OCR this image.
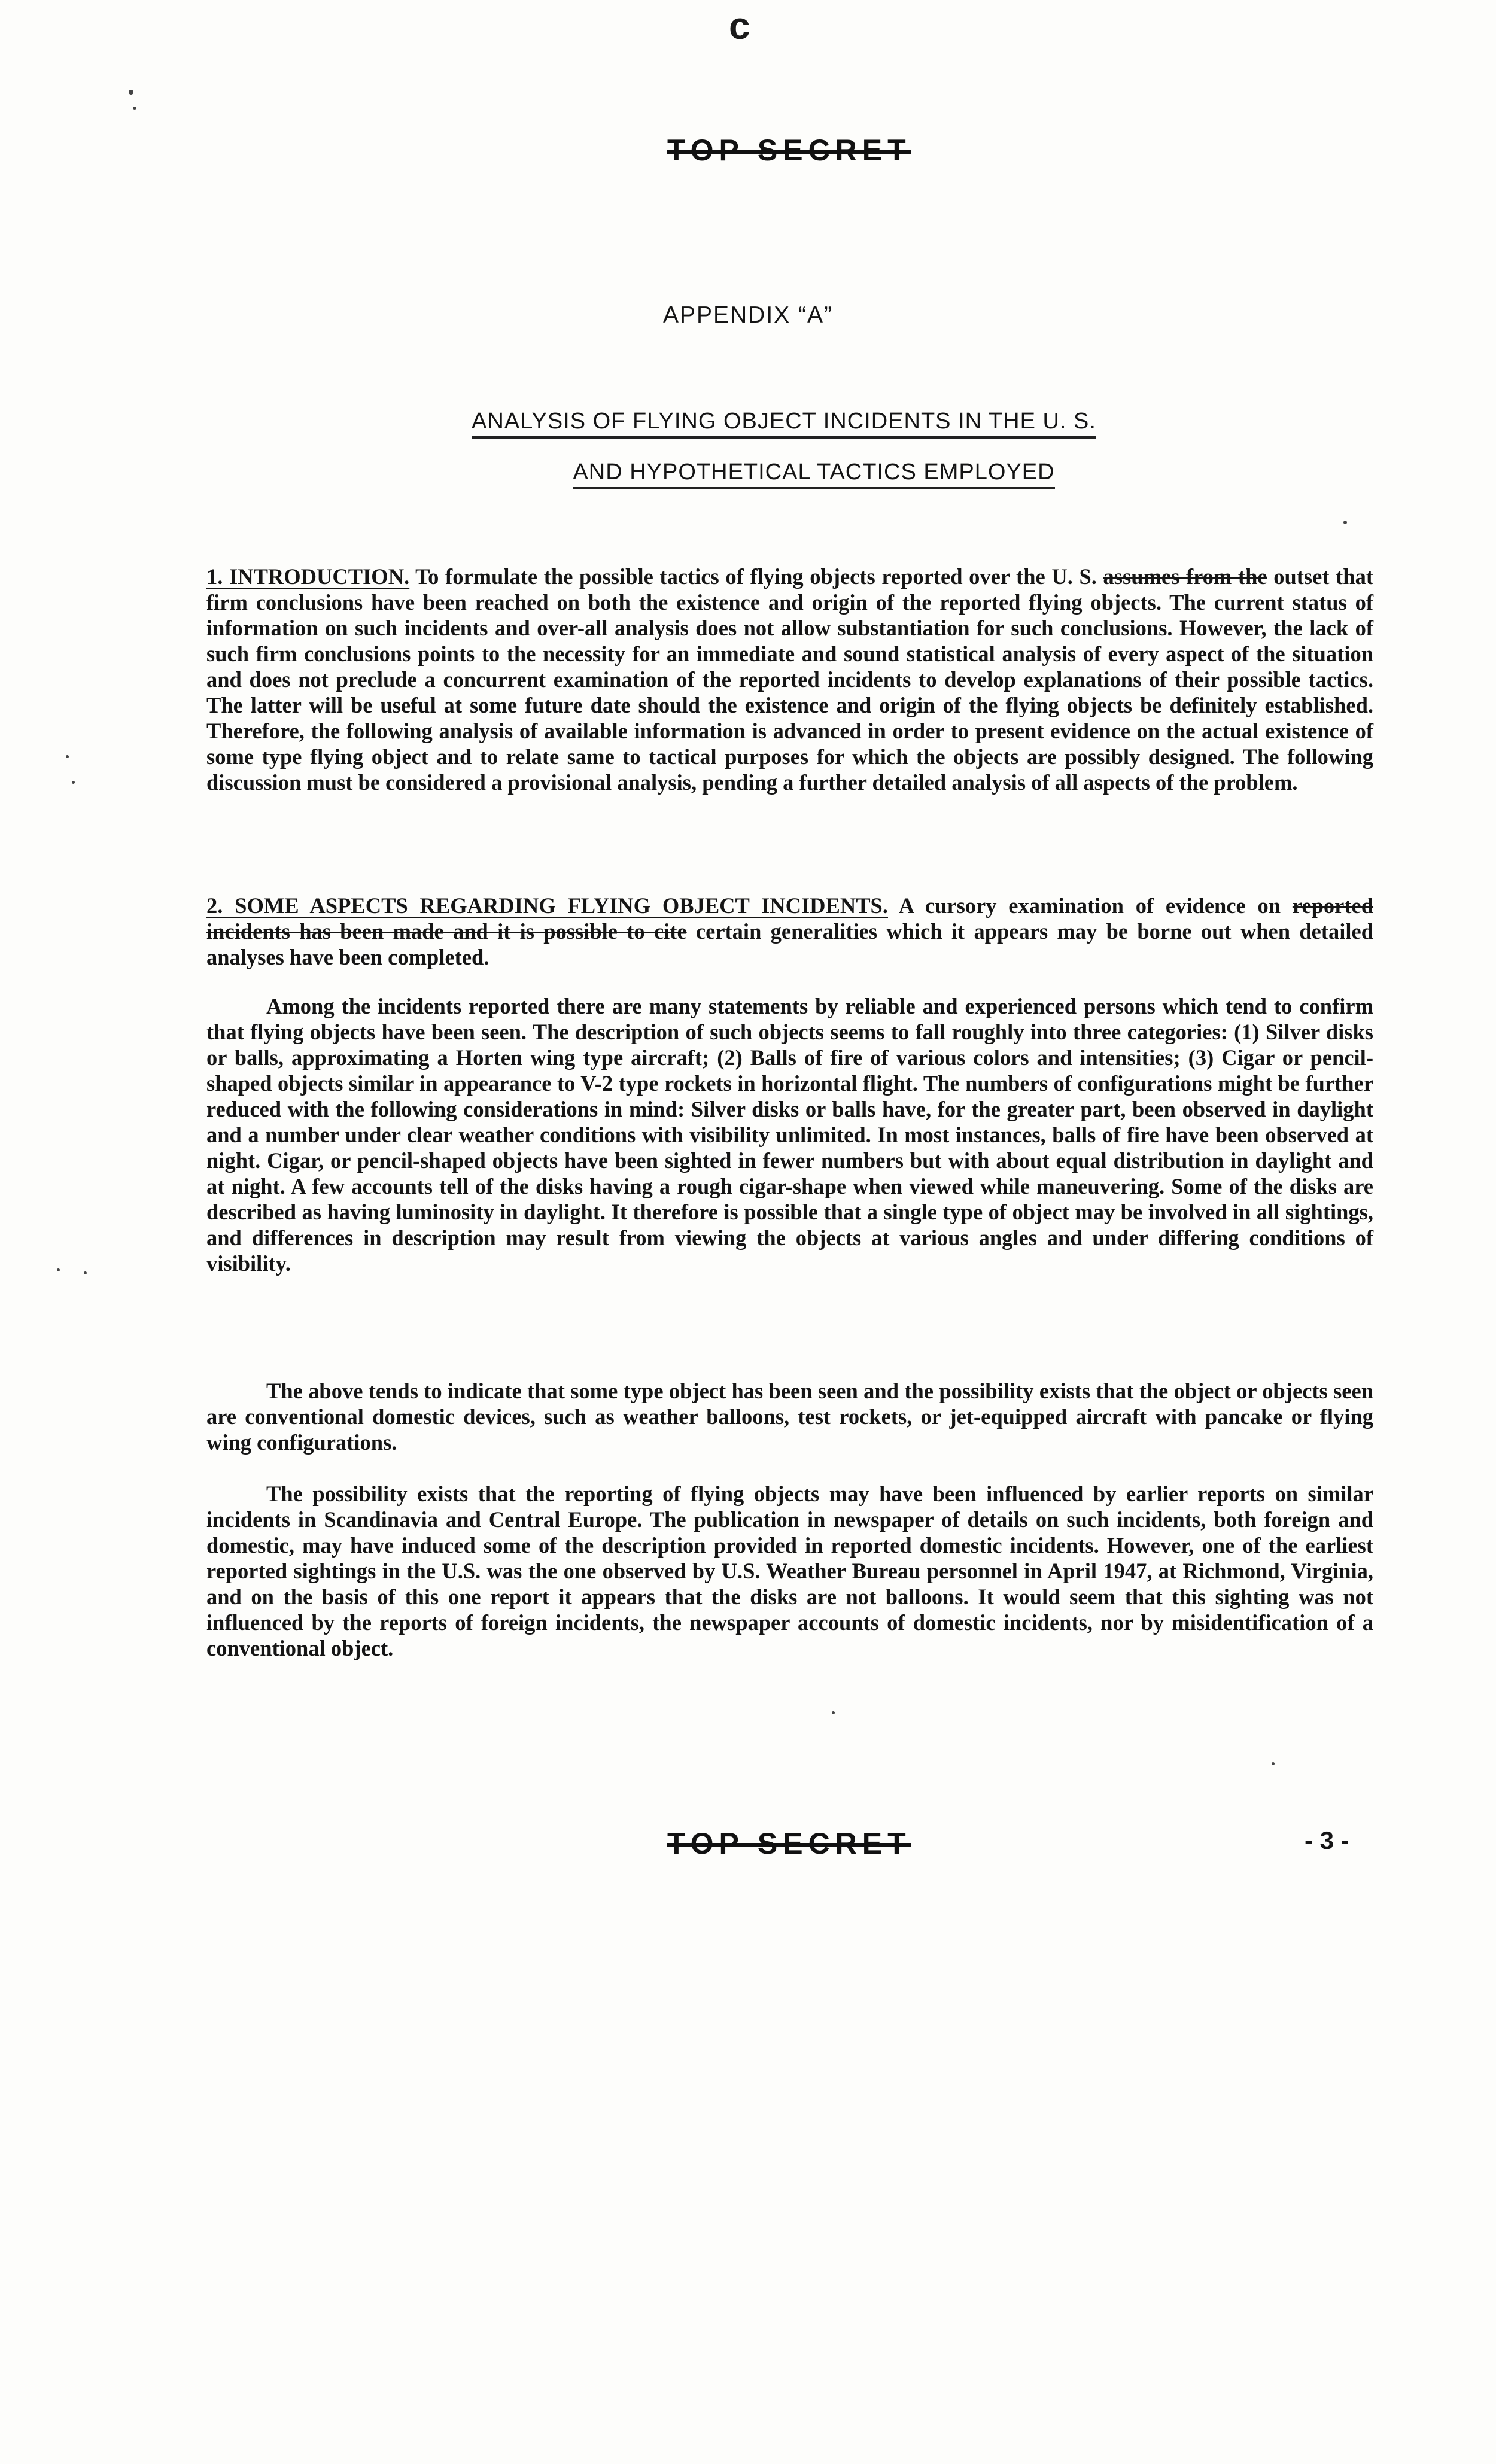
c
TOP SECRET
APPENDIX “A”
ANALYSIS OF FLYING OBJECT INCIDENTS IN THE U. S.
AND HYPOTHETICAL TACTICS EMPLOYED

1. INTRODUCTION. To formulate the possible tactics of flying objects reported over the U. S. assumes from the outset that firm conclusions have been reached on both the existence and origin of the reported flying objects. The current status of information on such incidents and over-all analysis does not allow substantiation for such conclusions. However, the lack of such firm conclusions points to the necessity for an immediate and sound statistical analysis of every aspect of the situation and does not preclude a concurrent examination of the reported incidents to develop explanations of their possible tactics. The latter will be useful at some future date should the existence and origin of the flying objects be definitely established. Therefore, the following analysis of available information is advanced in order to present evidence on the actual existence of some type flying object and to relate same to tactical purposes for which the objects are possibly designed. The following discussion must be considered a provisional analysis, pending a further detailed analysis of all aspects of the problem.

2. SOME ASPECTS REGARDING FLYING OBJECT INCIDENTS. A cursory examination of evidence on reported incidents has been made and it is possible to cite certain generalities which it appears may be borne out when detailed analyses have been completed.

Among the incidents reported there are many statements by reliable and experienced persons which tend to confirm that flying objects have been seen. The description of such objects seems to fall roughly into three categories: (1) Silver disks or balls, approximating a Horten wing type aircraft; (2) Balls of fire of various colors and intensities; (3) Cigar or pencil-shaped objects similar in appearance to V-2 type rockets in horizontal flight. The numbers of configurations might be further reduced with the following considerations in mind: Silver disks or balls have, for the greater part, been observed in daylight and a number under clear weather conditions with visibility unlimited. In most instances, balls of fire have been observed at night. Cigar, or pencil-shaped objects have been sighted in fewer numbers but with about equal distribution in daylight and at night. A few accounts tell of the disks having a rough cigar-shape when viewed while maneuvering. Some of the disks are described as having luminosity in daylight. It therefore is possible that a single type of object may be involved in all sightings, and differences in description may result from viewing the objects at various angles and under differing conditions of visibility.

The above tends to indicate that some type object has been seen and the possibility exists that the object or objects seen are conventional domestic devices, such as weather balloons, test rockets, or jet-equipped aircraft with pancake or flying wing configurations.

The possibility exists that the reporting of flying objects may have been influenced by earlier reports on similar incidents in Scandinavia and Central Europe. The publication in newspaper of details on such incidents, both foreign and domestic, may have induced some of the description provided in reported domestic incidents. However, one of the earliest reported sightings in the U.S. was the one observed by U.S. Weather Bureau personnel in April 1947, at Richmond, Virginia, and on the basis of this one report it appears that the disks are not balloons. It would seem that this sighting was not influenced by the reports of foreign incidents, the newspaper accounts of domestic incidents, nor by misidentification of a conventional object.

TOP SECRET	- 3 -
